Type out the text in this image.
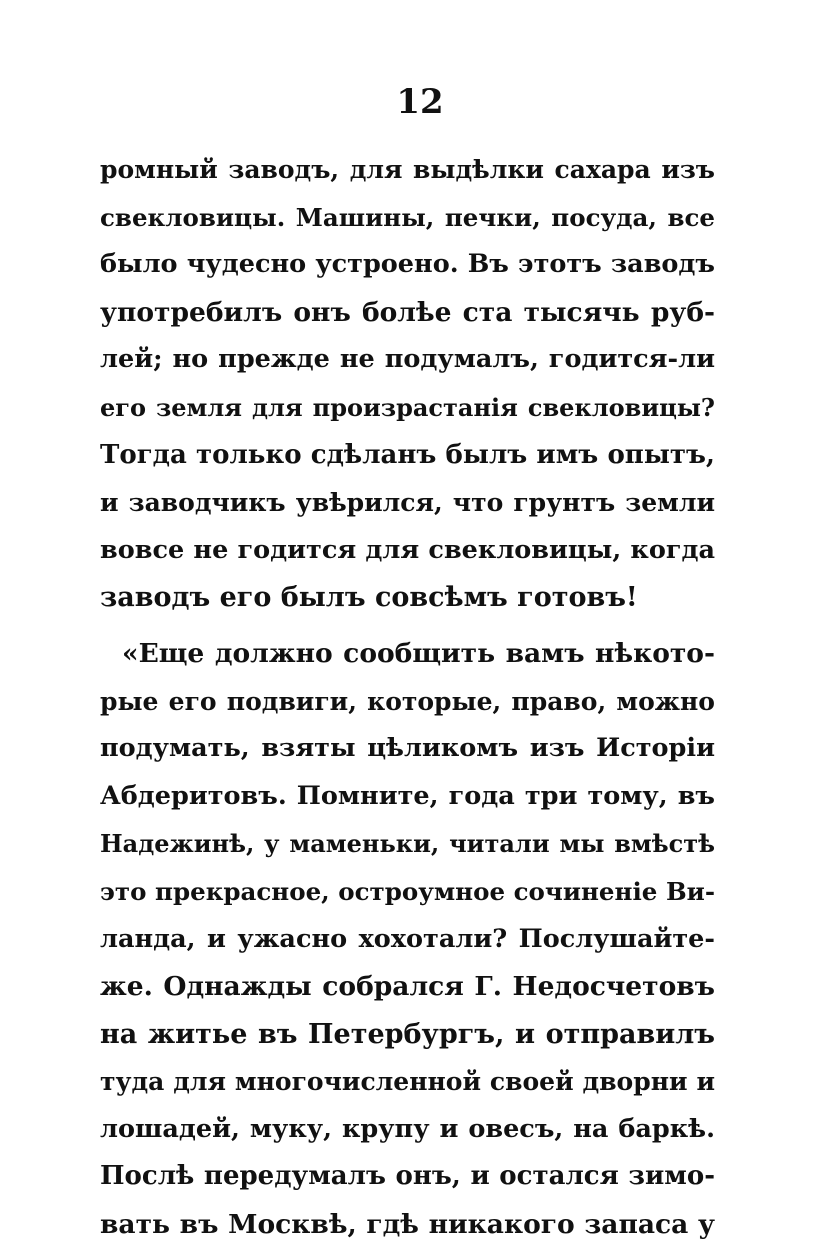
12
ромный заводъ, для выдѣлки сахара изъ
свекловицы. Машины, печки, посуда, все
было чудесно устроено. Въ этотъ заводъ
употребилъ онъ болѣе ста тысячь руб-
лей; но прежде не подумалъ, годится-ли
его земля для произрастанія свекловицы?
Тогда только сдѣланъ былъ имъ опытъ,
и заводчикъ увѣрился, что грунтъ земли
вовсе не годится для свекловицы, когда
заводъ его былъ совсѣмъ готовъ!
«Еще должно сообщить вамъ нѣкото-
рые его подвиги, которые, право, можно
подумать, взяты цѣликомъ изъ Исторіи
Абдеритовъ. Помните, года три тому, въ
Надежинѣ, у маменьки, читали мы вмѣстѣ
это прекрасное, остроумное сочиненіе Ви-
ланда, и ужасно хохотали? Послушайте-
же. Однажды собрался Г. Недосчетовъ
на житье въ Петербургъ, и отправилъ
туда для многочисленной своей дворни и
лошадей, муку, крупу и овесъ, на баркѣ.
Послѣ передумалъ онъ, и остался зимо-
вать въ Москвѣ, гдѣ никакого запаса у
